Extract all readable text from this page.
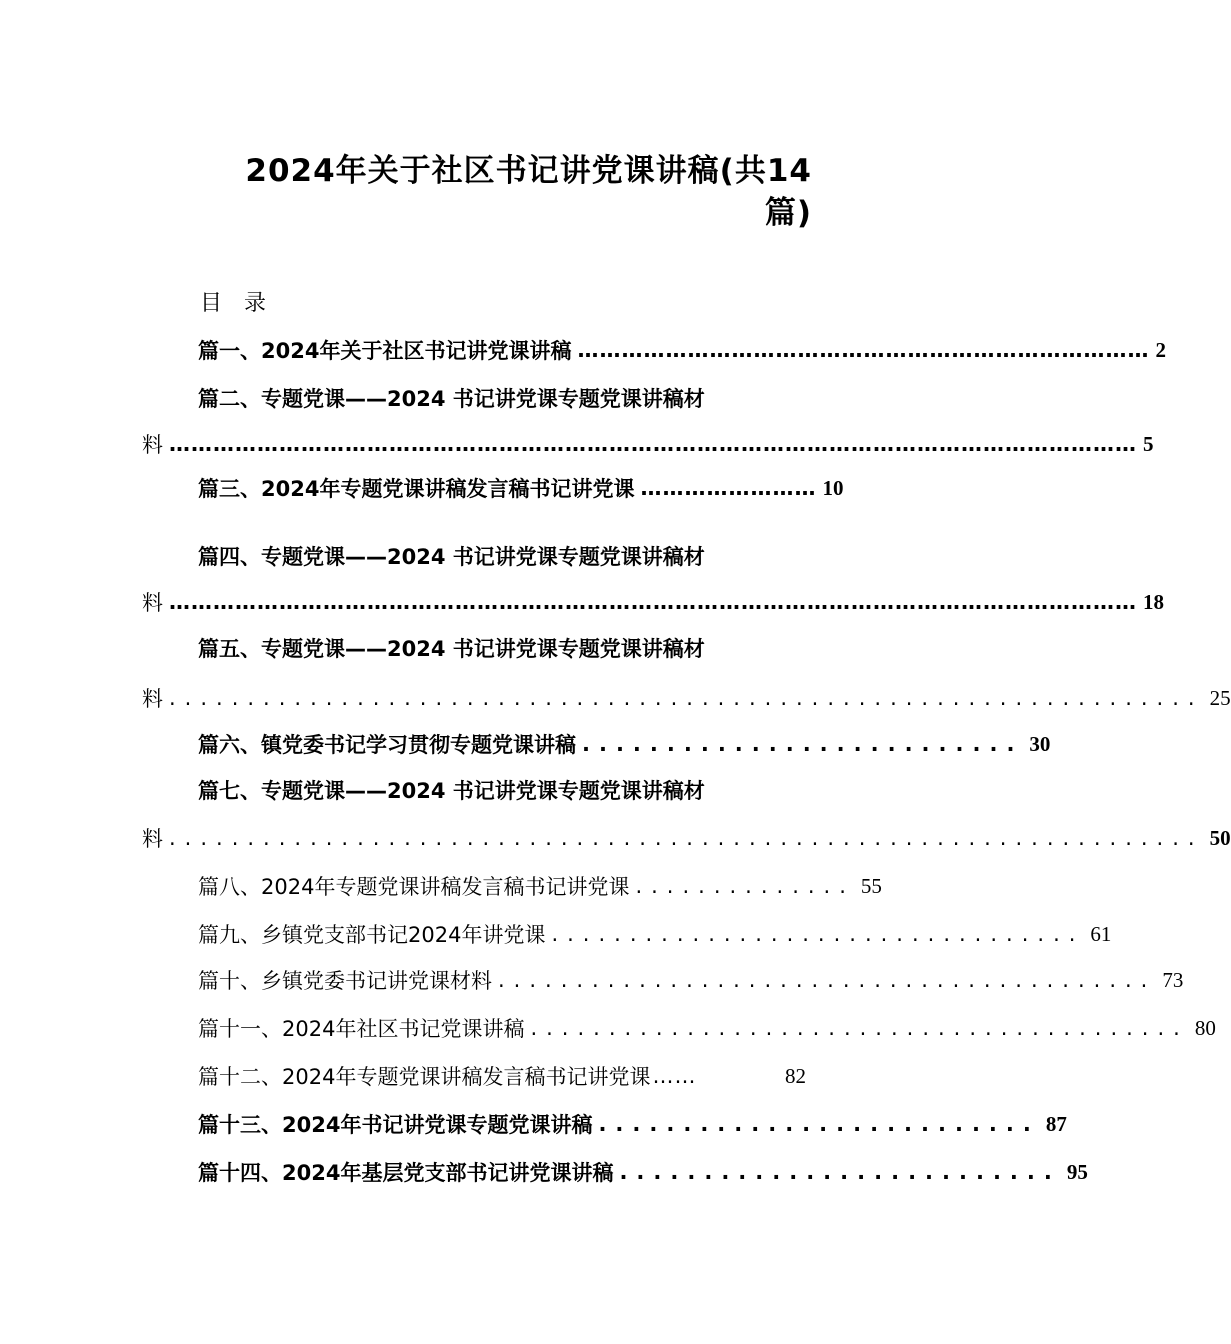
2024年关于社区书记讲党课讲稿(共14
篇)
目录
篇一、2024年关于社区书记讲党课讲稿 …………………………………………………………………… 2
篇二、专题党课——2024 书记讲党课专题党课讲稿材
料 …………………………………………………………………………………………………………………… 5
篇三、2024年专题党课讲稿发言稿书记讲党课 …………………… 10
篇四、专题党课——2024 书记讲党课专题党课讲稿材
料 …………………………………………………………………………………………………………………… 18
篇五、专题党课——2024 书记讲党课专题党课讲稿材
料 .................................................................. 25
篇六、镇党委书记学习贯彻专题党课讲稿 .......................... 30
篇七、专题党课——2024 书记讲党课专题党课讲稿材
料 .................................................................. 50
篇八、2024年专题党课讲稿发言稿书记讲党课 .............. 55
篇九、乡镇党支部书记2024年讲党课 .................................. 61
篇十、乡镇党委书记讲党课材料 .......................................... 73
篇十一、2024年社区书记党课讲稿 .......................................... 80
篇十二、2024年专题党课讲稿发言稿书记讲党课 ……	82
篇十三、2024年书记讲党课专题党课讲稿 .......................... 87
篇十四、2024年基层党支部书记讲党课讲稿 .......................... 95
